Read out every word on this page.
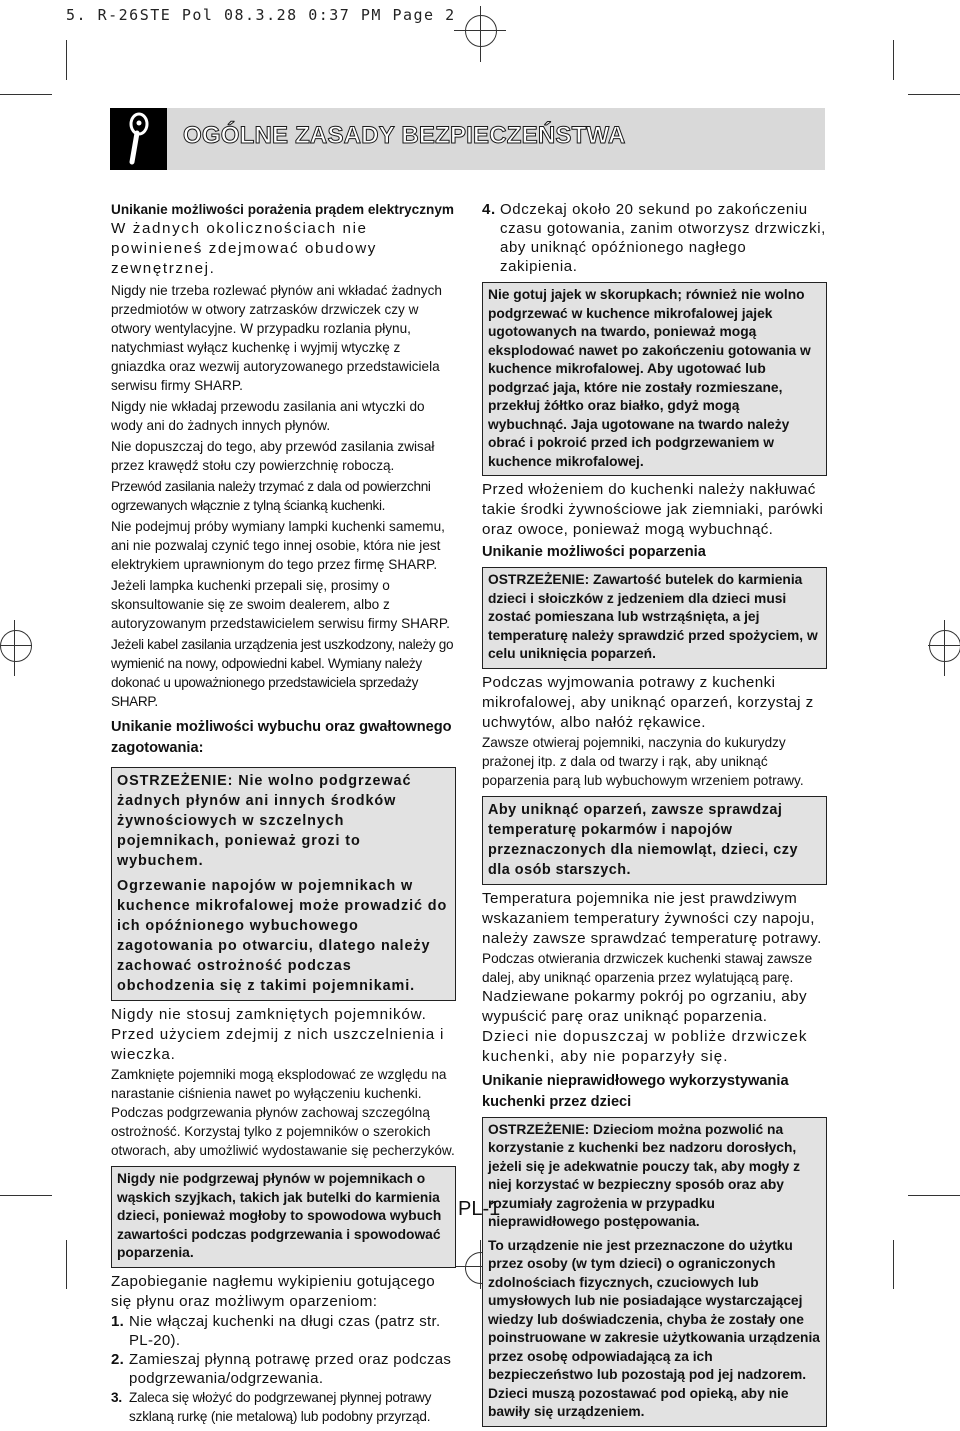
5. R-26STE Pol 08.3.28 0:37 PM Page 2
OGÓLNE ZASADY BEZPIECZEŃSTWA

Unikanie możliwości porażenia prądem elektrycznym

W żadnych okolicznościach nie powinieneś zdejmować obudowy zewnętrznej.

Nigdy nie trzeba rozlewać płynów ani wkładać żadnych przedmiotów w otwory zatrzasków drzwiczek czy w otwory wentylacyjne. W przypadku rozlania płynu, natychmiast wyłącz kuchenkę i wyjmij wtyczkę z gniazdka oraz wezwij autoryzowanego przedstawiciela serwisu firmy SHARP.

Nigdy nie wkładaj przewodu zasilania ani wtyczki do wody ani do żadnych innych płynów.

Nie dopuszczaj do tego, aby przewód zasilania zwisał przez krawędź stołu czy powierzchnię roboczą.

Przewód zasilania należy trzymać z dala od powierzchni ogrzewanych włącznie z tylną ścianką kuchenki.

Nie podejmuj próby wymiany lampki kuchenki samemu, ani nie pozwalaj czynić tego innej osobie, która nie jest elektrykiem uprawnionym do tego przez firmę SHARP.

Jeżeli lampka kuchenki przepali się, prosimy o skonsultowanie się ze swoim dealerem, albo z autoryzowanym przedstawicielem serwisu firmy SHARP.

Jeżeli kabel zasilania urządzenia jest uszkodzony, należy go wymienić na nowy, odpowiedni kabel. Wymiany należy dokonać u upoważnionego przedstawiciela sprzedaży SHARP.

Unikanie możliwości wybuchu oraz gwałtownego zagotowania:

OSTRZEŻENIE: Nie wolno podgrzewać żadnych płynów ani innych środków żywnościowych w szczelnych pojemnikach, ponieważ grozi to wybuchem.

Ogrzewanie napojów w pojemnikach w kuchence mikrofalowej może prowadzić do ich opóźnionego wybuchowego zagotowania po otwarciu, dlatego należy zachować ostrożność podczas obchodzenia się z takimi pojemnikami.

Nigdy nie stosuj zamkniętych pojemników. Przed użyciem zdejmij z nich uszczelnienia i wieczka.

Zamknięte pojemniki mogą eksplodować ze względu na narastanie ciśnienia nawet po wyłączeniu kuchenki.

Podczas podgrzewania płynów zachowaj szczególną ostrożność. Korzystaj tylko z pojemników o szerokich otworach, aby umożliwić wydostawanie się pecherzyków.

Nigdy nie podgrzewaj płynów w pojemnikach o wąskich szyjkach, takich jak butelki do karmienia dzieci, ponieważ mogłoby to spowodowa wybuch zawartości podczas podgrzewania i spowodować poparzenia.

Zapobieganie nagłemu wykipieniu gotującego się płynu oraz możliwym oparzeniom:

1. Nie włączaj kuchenki na długi czas (patrz str. PL-20).
2. Zamieszaj płynną potrawę przed oraz podczas podgrzewania/odgrzewania.
3. Zaleca się włożyć do podgrzewanej płynnej potrawy szklaną rurkę (nie metalową) lub podobny przyrząd.
4. Odczekaj około 20 sekund po zakończeniu czasu gotowania, zanim otworzysz drzwiczki, aby uniknąć opóźnionego nagłego zakipienia.

Nie gotuj jajek w skorupkach; również nie wolno podgrzewać w kuchence mikrofalowej jajek ugotowanych na twardo, ponieważ mogą eksplodować nawet po zakończeniu gotowania w kuchence mikrofalowej. Aby ugotować lub podgrzać jaja, które nie zostały rozmieszane, przekłuj żółtko oraz białko, gdyż mogą wybuchnąć. Jaja ugotowane na twardo należy obrać i pokroić przed ich podgrzewaniem w kuchence mikrofalowej.

Przed włożeniem do kuchenki należy nakłuwać takie środki żywnościowe jak ziemniaki, parówki oraz owoce, ponieważ mogą wybuchnąć.

Unikanie możliwości poparzenia

OSTRZEŻENIE: Zawartość butelek do karmienia dzieci i słoiczków z jedzeniem dla dzieci musi zostać pomieszana lub wstrząśnięta, a jej temperaturę należy sprawdzić przed spożyciem, w celu uniknięcia poparzeń.

Podczas wyjmowania potrawy z kuchenki mikrofalowej, aby uniknąć oparzeń, korzystaj z uchwytów, albo nałóż rękawice.

Zawsze otwieraj pojemniki, naczynia do kukurydzy prażonej itp. z dala od twarzy i rąk, aby uniknąć poparzenia parą lub wybuchowym wrzeniem potrawy.

Aby uniknąć oparzeń, zawsze sprawdzaj temperaturę pokarmów i napojów przeznaczonych dla niemowląt, dzieci, czy dla osób starszych.

Temperatura pojemnika nie jest prawdziwym wskazaniem temperatury żywności czy napoju, należy zawsze sprawdzać temperaturę potrawy.

Podczas otwierania drzwiczek kuchenki stawaj zawsze dalej, aby uniknąć oparzenia przez wylatującą parę.

Nadziewane pokarmy pokrój po ogrzaniu, aby wypuścić parę oraz uniknąć poparzenia.

Dzieci nie dopuszczaj w pobliże drzwiczek kuchenki, aby nie poparzyły się.

Unikanie nieprawidłowego wykorzystywania kuchenki przez dzieci

OSTRZEŻENIE: Dzieciom można pozwolić na korzystanie z kuchenki bez nadzoru dorosłych, jeżeli się je adekwatnie pouczy tak, aby mogły z niej korzystać w bezpieczny sposób oraz aby rozumiały zagrożenia w przypadku nieprawidłowego postępowania.

To urządzenie nie jest przeznaczone do użytku przez osoby (w tym dzieci) o ograniczonych zdolnościach fizycznych, czuciowych lub umysłowych lub nie posiadające wystarczającej wiedzy lub doświadczenia, chyba że zostały one poinstruowane w zakresie użytkowania urządzenia przez osobę odpowiadającą za ich bezpieczeństwo lub pozostają pod jej nadzorem. Dzieci muszą pozostawać pod opieką, aby nie bawiły się urządzeniem.

PL-1
